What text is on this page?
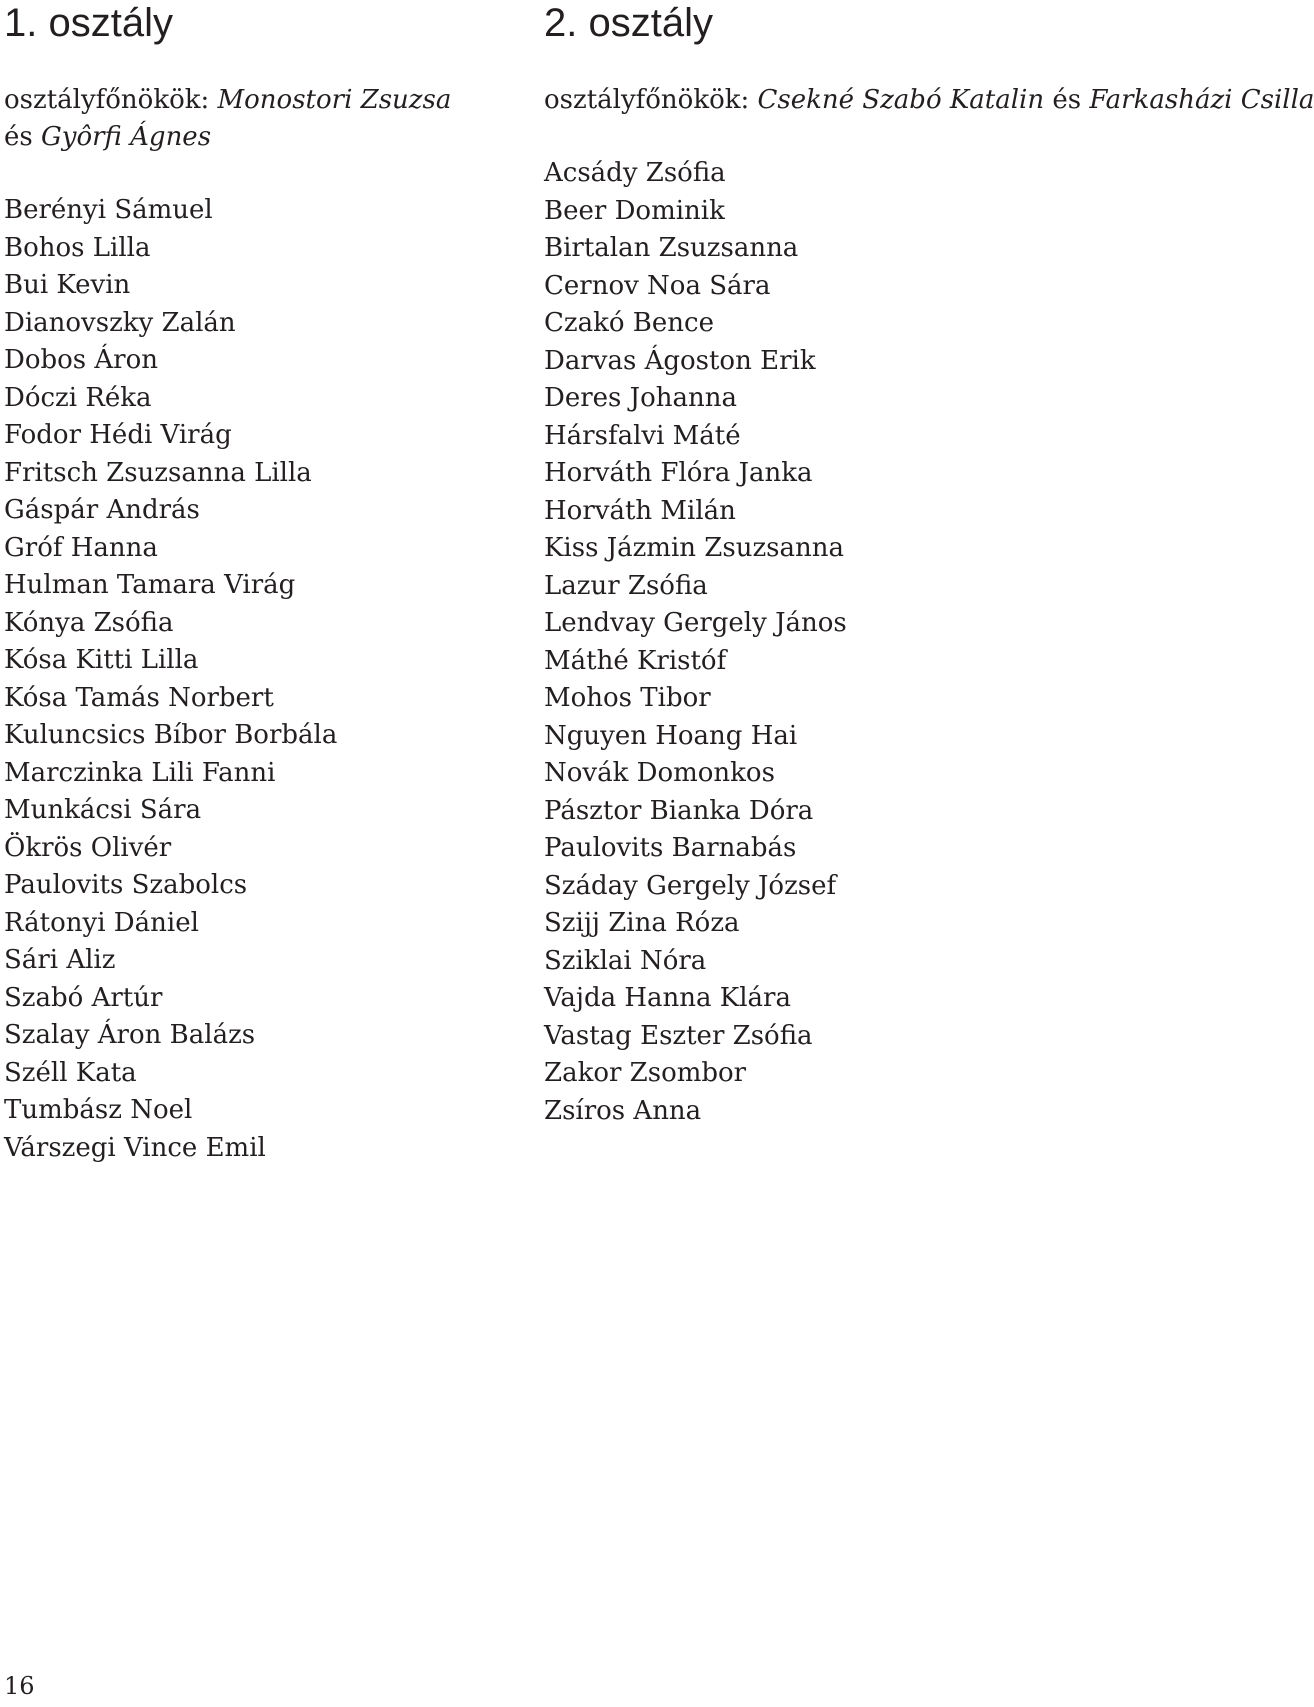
1. osztály
osztályfőnökök: Monostori Zsuzsa
és Gyôrfi Ágnes
Berényi Sámuel
Bohos Lilla
Bui Kevin
Dianovszky Zalán
Dobos Áron
Dóczi Réka
Fodor Hédi Virág
Fritsch Zsuzsanna Lilla
Gáspár András
Gróf Hanna
Hulman Tamara Virág
Kónya Zsófia
Kósa Kitti Lilla
Kósa Tamás Norbert
Kuluncsics Bíbor Borbála
Marczinka Lili Fanni
Munkácsi Sára
Ökrös Olivér
Paulovits Szabolcs
Rátonyi Dániel
Sári Aliz
Szabó Artúr
Szalay Áron Balázs
Széll Kata
Tumbász Noel
Várszegi Vince Emil
2. osztály
osztályfőnökök: Csekné Szabó Katalin és Farkasházi Csilla
Acsády Zsófia
Beer Dominik
Birtalan Zsuzsanna
Cernov Noa Sára
Czakó Bence
Darvas Ágoston Erik
Deres Johanna
Hársfalvi Máté
Horváth Flóra Janka
Horváth Milán
Kiss Jázmin Zsuzsanna
Lazur Zsófia
Lendvay Gergely János
Máthé Kristóf
Mohos Tibor
Nguyen Hoang Hai
Novák Domonkos
Pásztor Bianka Dóra
Paulovits Barnabás
Száday Gergely József
Szijj Zina Róza
Sziklai Nóra
Vajda Hanna Klára
Vastag Eszter Zsófia
Zakor Zsombor
Zsíros Anna
16
